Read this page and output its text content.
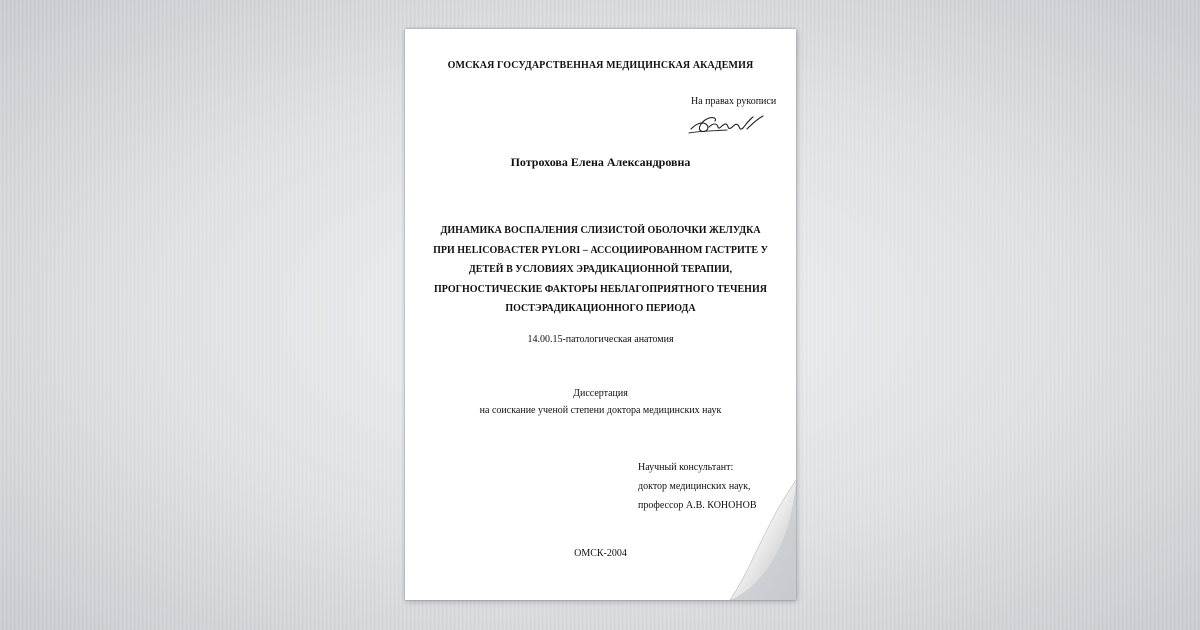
ОМСКАЯ ГОСУДАРСТВЕННАЯ МЕДИЦИНСКАЯ АКАДЕМИЯ
На правах рукописи
Потрохова Елена Александровна
ДИНАМИКА ВОСПАЛЕНИЯ СЛИЗИСТОЙ ОБОЛОЧКИ ЖЕЛУДКА
ПРИ HELICOBACTER PYLORI – АССОЦИИРОВАННОМ ГАСТРИТЕ У
ДЕТЕЙ В УСЛОВИЯХ ЭРАДИКАЦИОННОЙ ТЕРАПИИ,
ПРОГНОСТИЧЕСКИЕ ФАКТОРЫ НЕБЛАГОПРИЯТНОГО ТЕЧЕНИЯ
ПОСТЭРАДИКАЦИОННОГО ПЕРИОДА
14.00.15-патологическая анатомия
Диссертация
на соискание ученой степени доктора медицинских наук
Научный консультант:
доктор медицинских наук,
профессор А.В. КОНОНОВ
ОМСК-2004
